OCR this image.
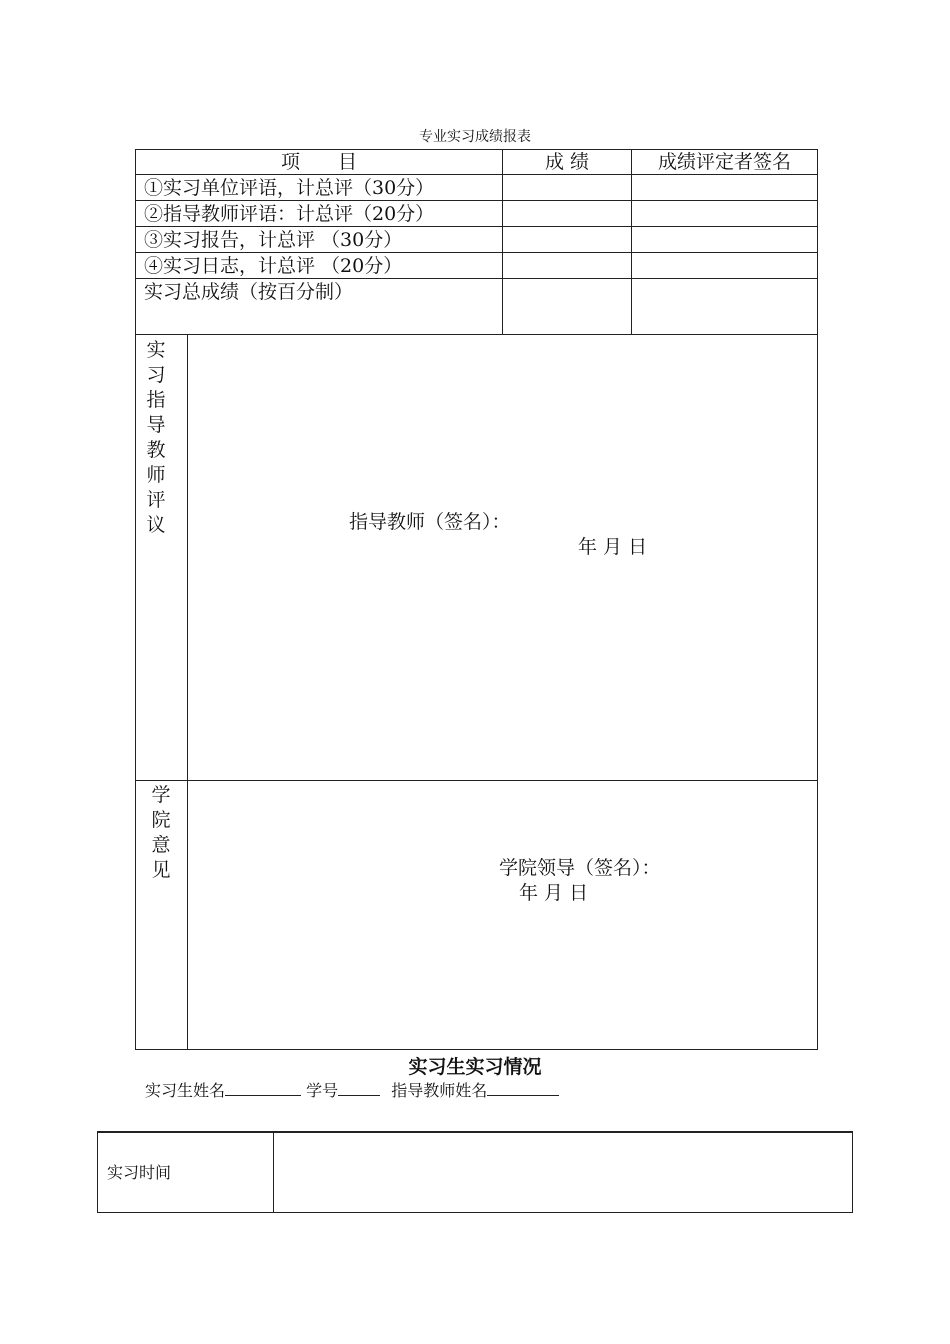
专业实习成绩报表
项　　目	成 绩	成绩评定者签名
①实习单位评语，计总评（30分）
②指导教师评语：计总评（20分）
③实习报告，计总评 （30分）
④实习日志，计总评 （20分）
实习总成绩（按百分制）
实
习
指
导
教
师
评
议	指导教师（签名）：
年 月 日
学
院
意
见	学院领导（签名）：
年 月 日
实习生实习情况
实习生姓名	学号	指导教师姓名
实习时间
